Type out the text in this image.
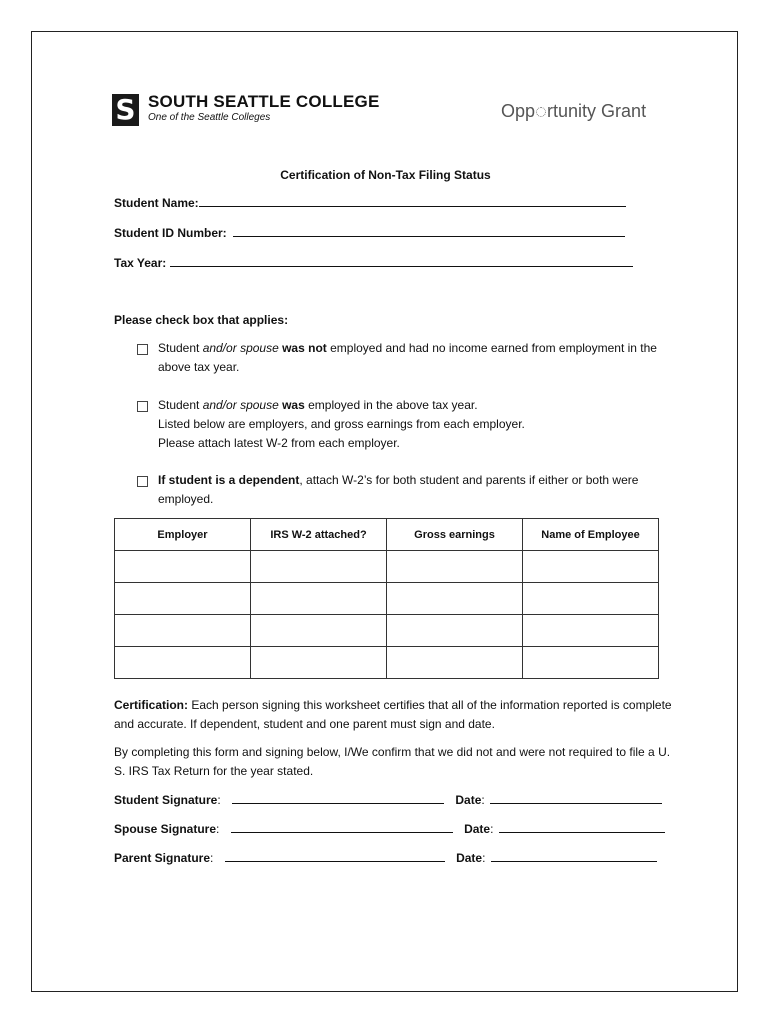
S SOUTH SEATTLE COLLEGE
One of the Seattle Colleges	Opp rtunity Grant
Certification of Non-Tax Filing Status
Student Name:
Student ID Number:
Tax Year:
Please check box that applies:
Student and/or spouse was not employed and had no income earned from employment in the above tax year.
Student and/or spouse was employed in the above tax year.
Listed below are employers, and gross earnings from each employer.
Please attach latest W-2 from each employer.
If student is a dependent, attach W-2’s for both student and parents if either or both were employed.
Employer	IRS W-2 attached?	Gross earnings	Name of Employee

Certification: Each person signing this worksheet certifies that all of the information reported is complete and accurate. If dependent, student and one parent must sign and date.
By completing this form and signing below, I/We confirm that we did not and were not required to file a U. S. IRS Tax Return for the year stated.
Student Signature:	Date:
Spouse Signature:	Date:
Parent Signature:	Date:
